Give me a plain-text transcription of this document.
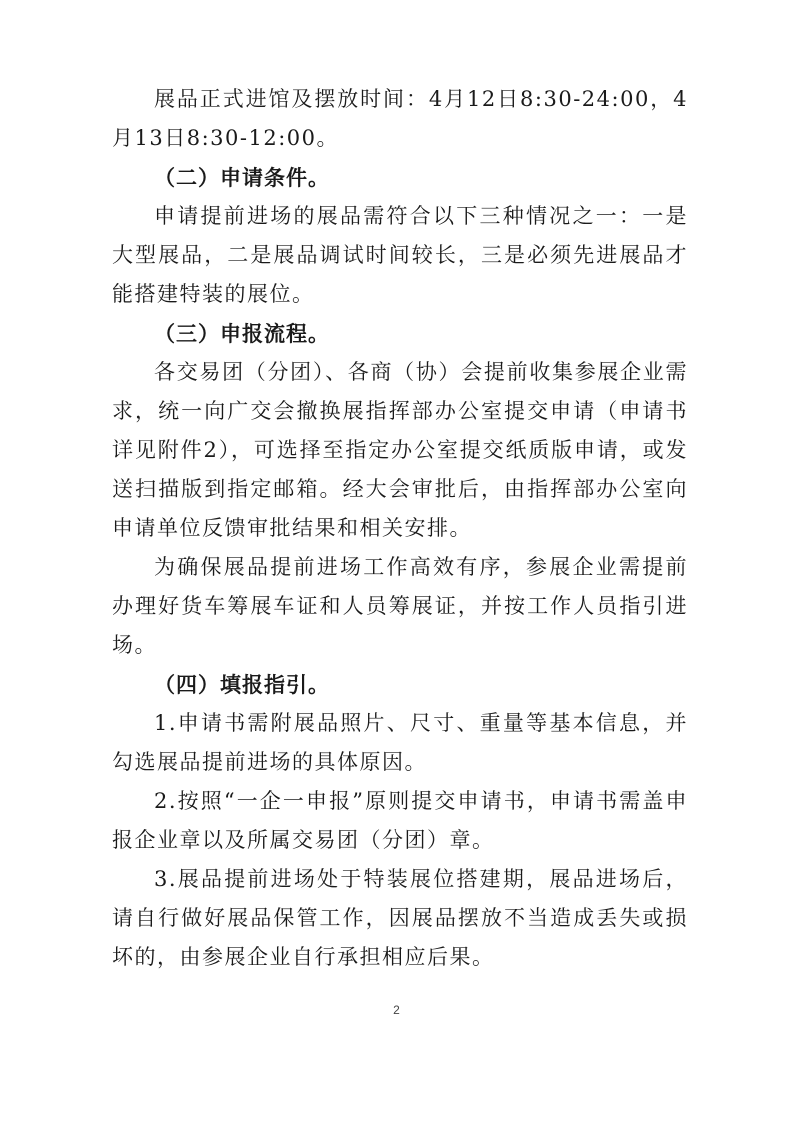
展品正式进馆及摆放时间：4月12日8:30-24:00，4月13日8:30-12:00。

（二）申请条件。

申请提前进场的展品需符合以下三种情况之一：一是大型展品，二是展品调试时间较长，三是必须先进展品才能搭建特装的展位。

（三）申报流程。

各交易团（分团）、各商（协）会提前收集参展企业需求，统一向广交会撤换展指挥部办公室提交申请（申请书详见附件2），可选择至指定办公室提交纸质版申请，或发送扫描版到指定邮箱。经大会审批后，由指挥部办公室向申请单位反馈审批结果和相关安排。

为确保展品提前进场工作高效有序，参展企业需提前办理好货车筹展车证和人员筹展证，并按工作人员指引进场。

（四）填报指引。

1.申请书需附展品照片、尺寸、重量等基本信息，并勾选展品提前进场的具体原因。

2.按照“一企一申报”原则提交申请书，申请书需盖申报企业章以及所属交易团（分团）章。

3.展品提前进场处于特装展位搭建期，展品进场后，请自行做好展品保管工作，因展品摆放不当造成丢失或损坏的，由参展企业自行承担相应后果。

2
